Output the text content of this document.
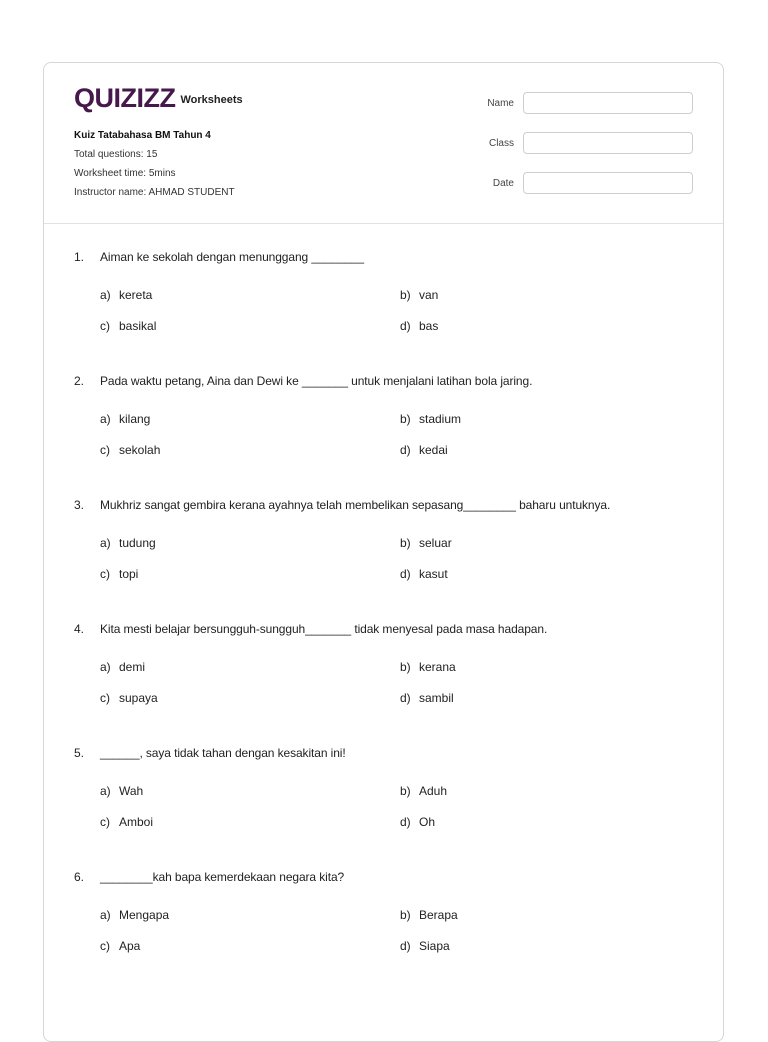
QUIZIZZ Worksheets
Kuiz Tatabahasa BM Tahun 4
Total questions: 15
Worksheet time: 5mins
Instructor name: AHMAD STUDENT
Name
Class
Date
1. Aiman ke sekolah dengan menunggang ________
a) kereta	b) van
c) basikal	d) bas
2. Pada waktu petang, Aina dan Dewi ke _______ untuk menjalani latihan bola jaring.
a) kilang	b) stadium
c) sekolah	d) kedai
3. Mukhriz sangat gembira kerana ayahnya telah membelikan sepasang________ baharu untuknya.
a) tudung	b) seluar
c) topi	d) kasut
4. Kita mesti belajar bersungguh-sungguh_______ tidak menyesal pada masa hadapan.
a) demi	b) kerana
c) supaya	d) sambil
5. ______, saya tidak tahan dengan kesakitan ini!
a) Wah	b) Aduh
c) Amboi	d) Oh
6. ________kah bapa kemerdekaan negara kita?
a) Mengapa	b) Berapa
c) Apa	d) Siapa
